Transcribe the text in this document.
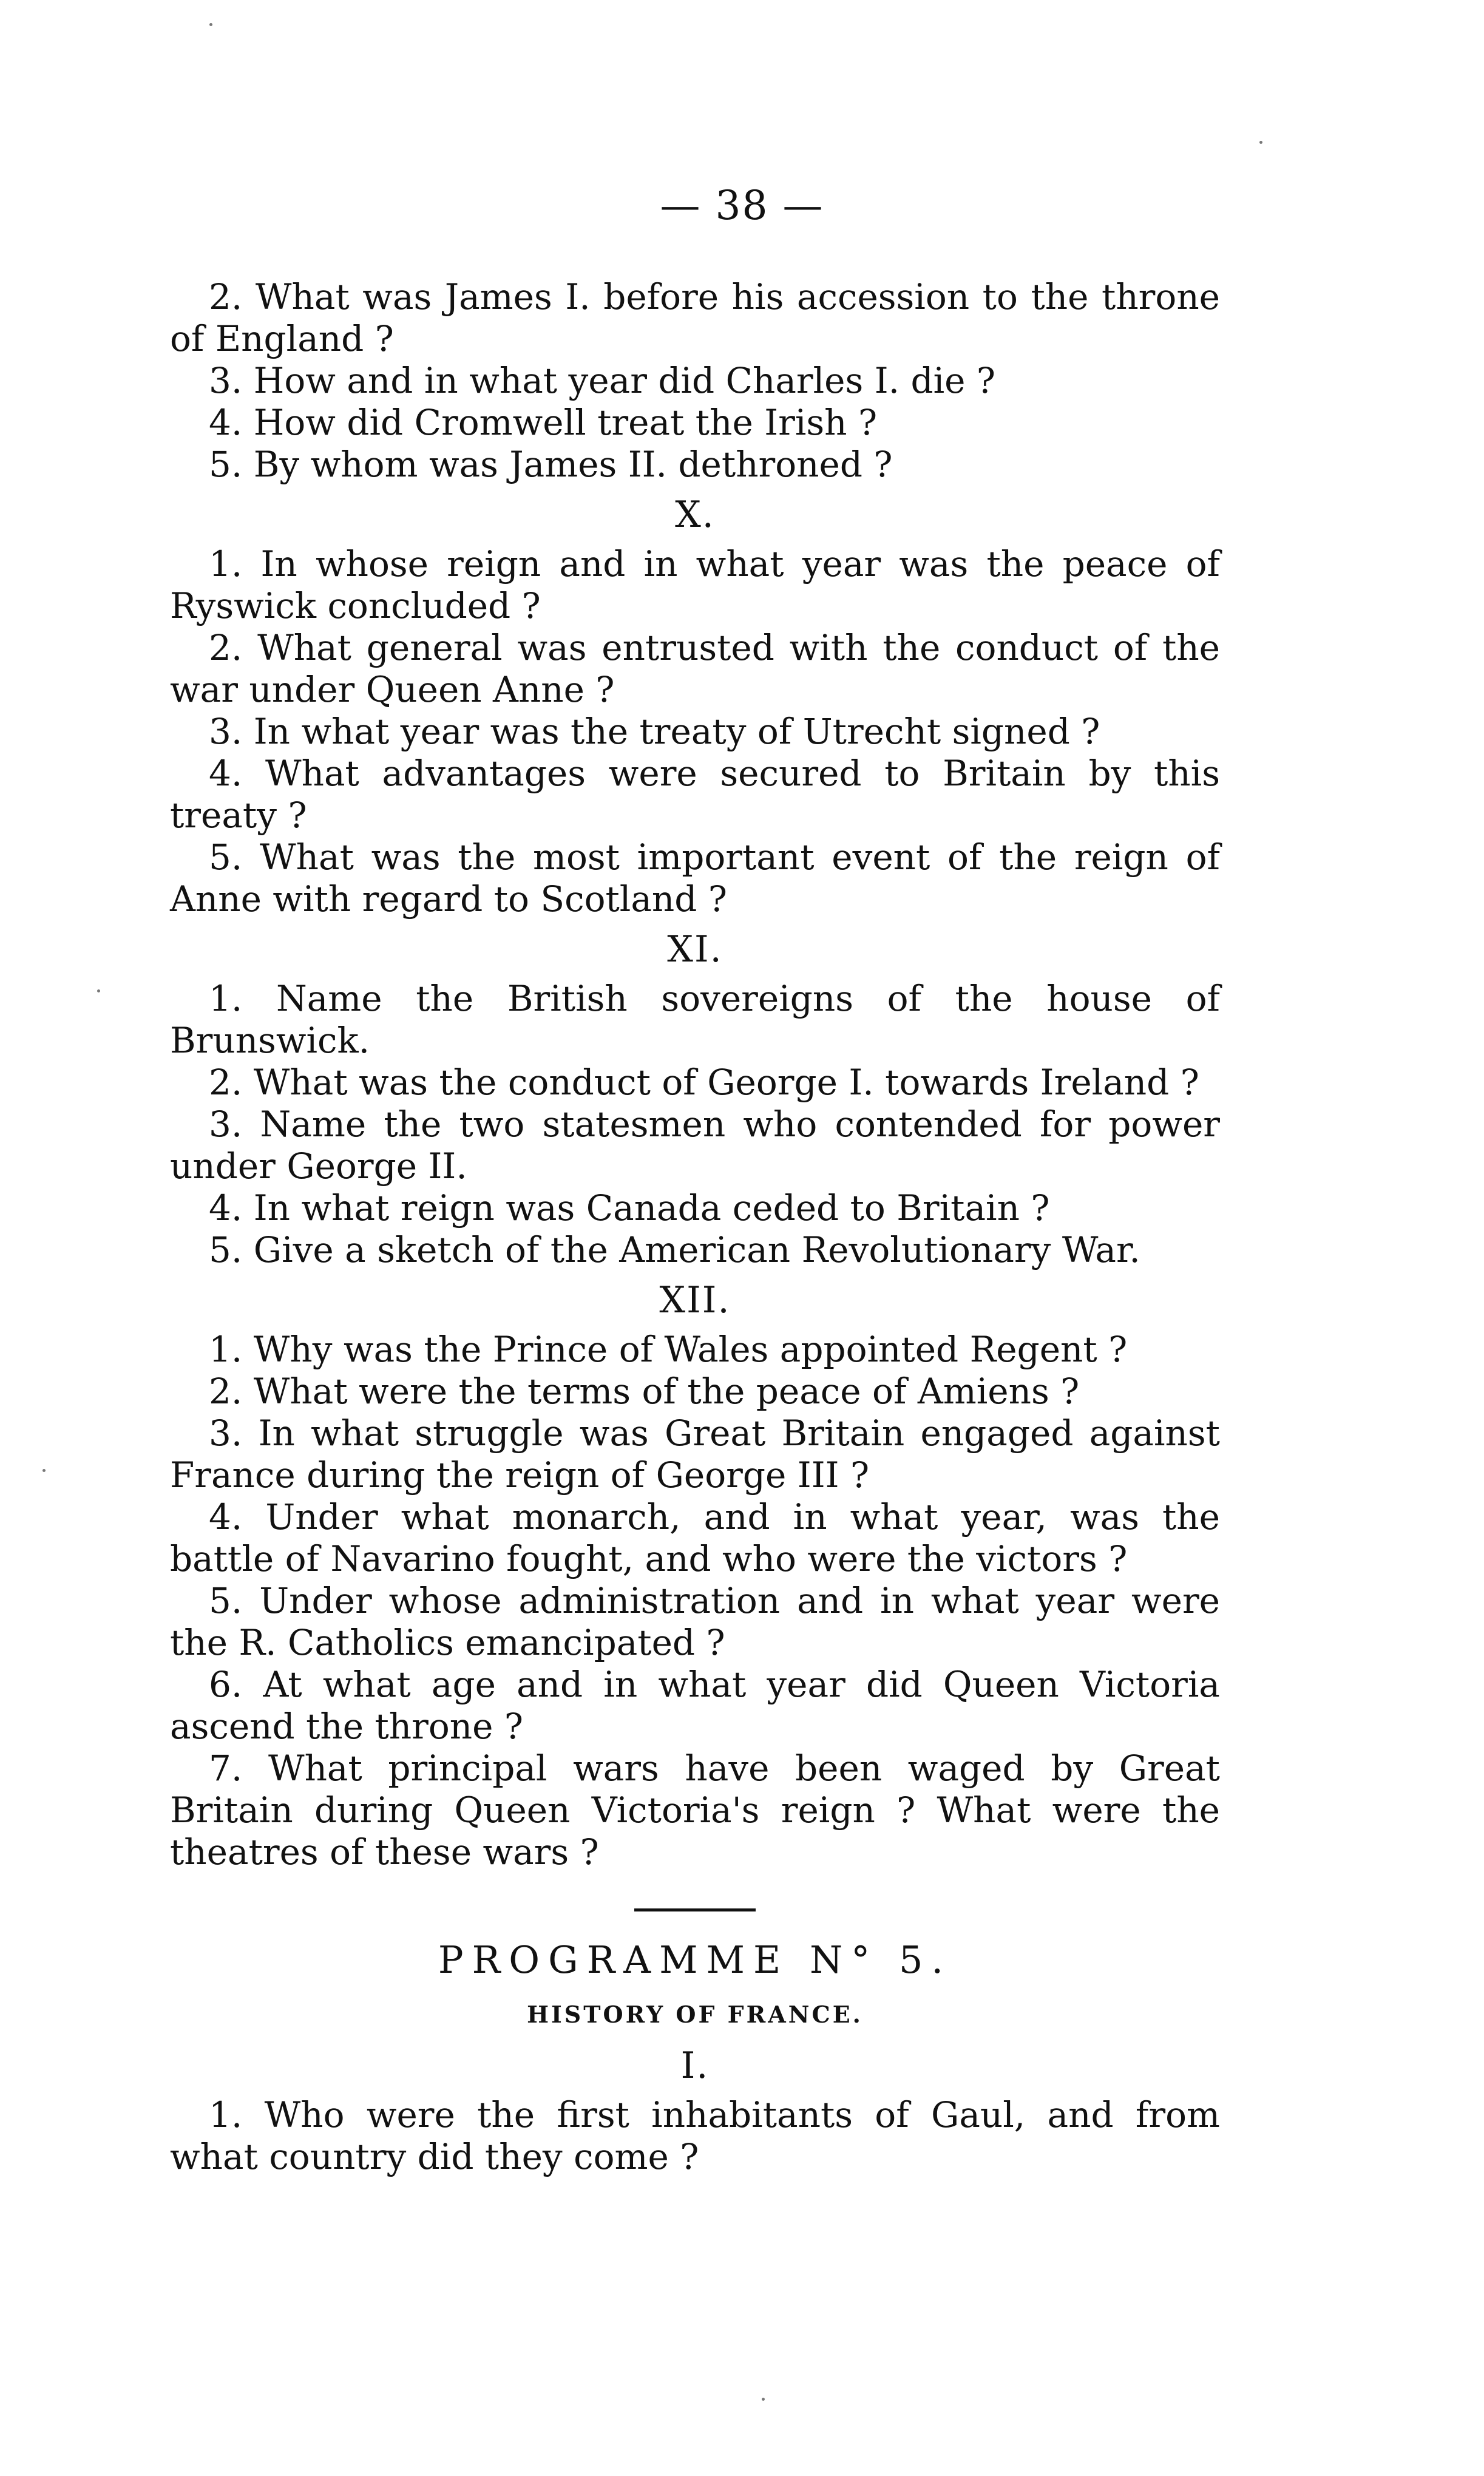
— 38 —

2. What was James I. before his accession to the throne of England ?

3. How and in what year did Charles I. die ?

4. How did Cromwell treat the Irish ?

5. By whom was James II. dethroned ?

X.

1. In whose reign and in what year was the peace of Ryswick concluded ?

2. What general was entrusted with the conduct of the war under Queen Anne ?

3. In what year was the treaty of Utrecht signed ?

4. What advantages were secured to Britain by this treaty ?

5. What was the most important event of the reign of Anne with regard to Scotland ?

XI.

1. Name the British sovereigns of the house of Brunswick.

2. What was the conduct of George I. towards Ireland ?

3. Name the two statesmen who contended for power under George II.

4. In what reign was Canada ceded to Britain ?

5. Give a sketch of the American Revolutionary War.

XII.

1. Why was the Prince of Wales appointed Regent ?

2. What were the terms of the peace of Amiens ?

3. In what struggle was Great Britain engaged against France during the reign of George III ?

4. Under what monarch, and in what year, was the battle of Navarino fought, and who were the victors ?

5. Under whose administration and in what year were the R. Catholics emancipated ?

6. At what age and in what year did Queen Victoria ascend the throne ?

7. What principal wars have been waged by Great Britain during Queen Victoria's reign ? What were the theatres of these wars ?

PROGRAMME N° 5.
HISTORY OF FRANCE.
I.

1. Who were the first inhabitants of Gaul, and from what country did they come ?
